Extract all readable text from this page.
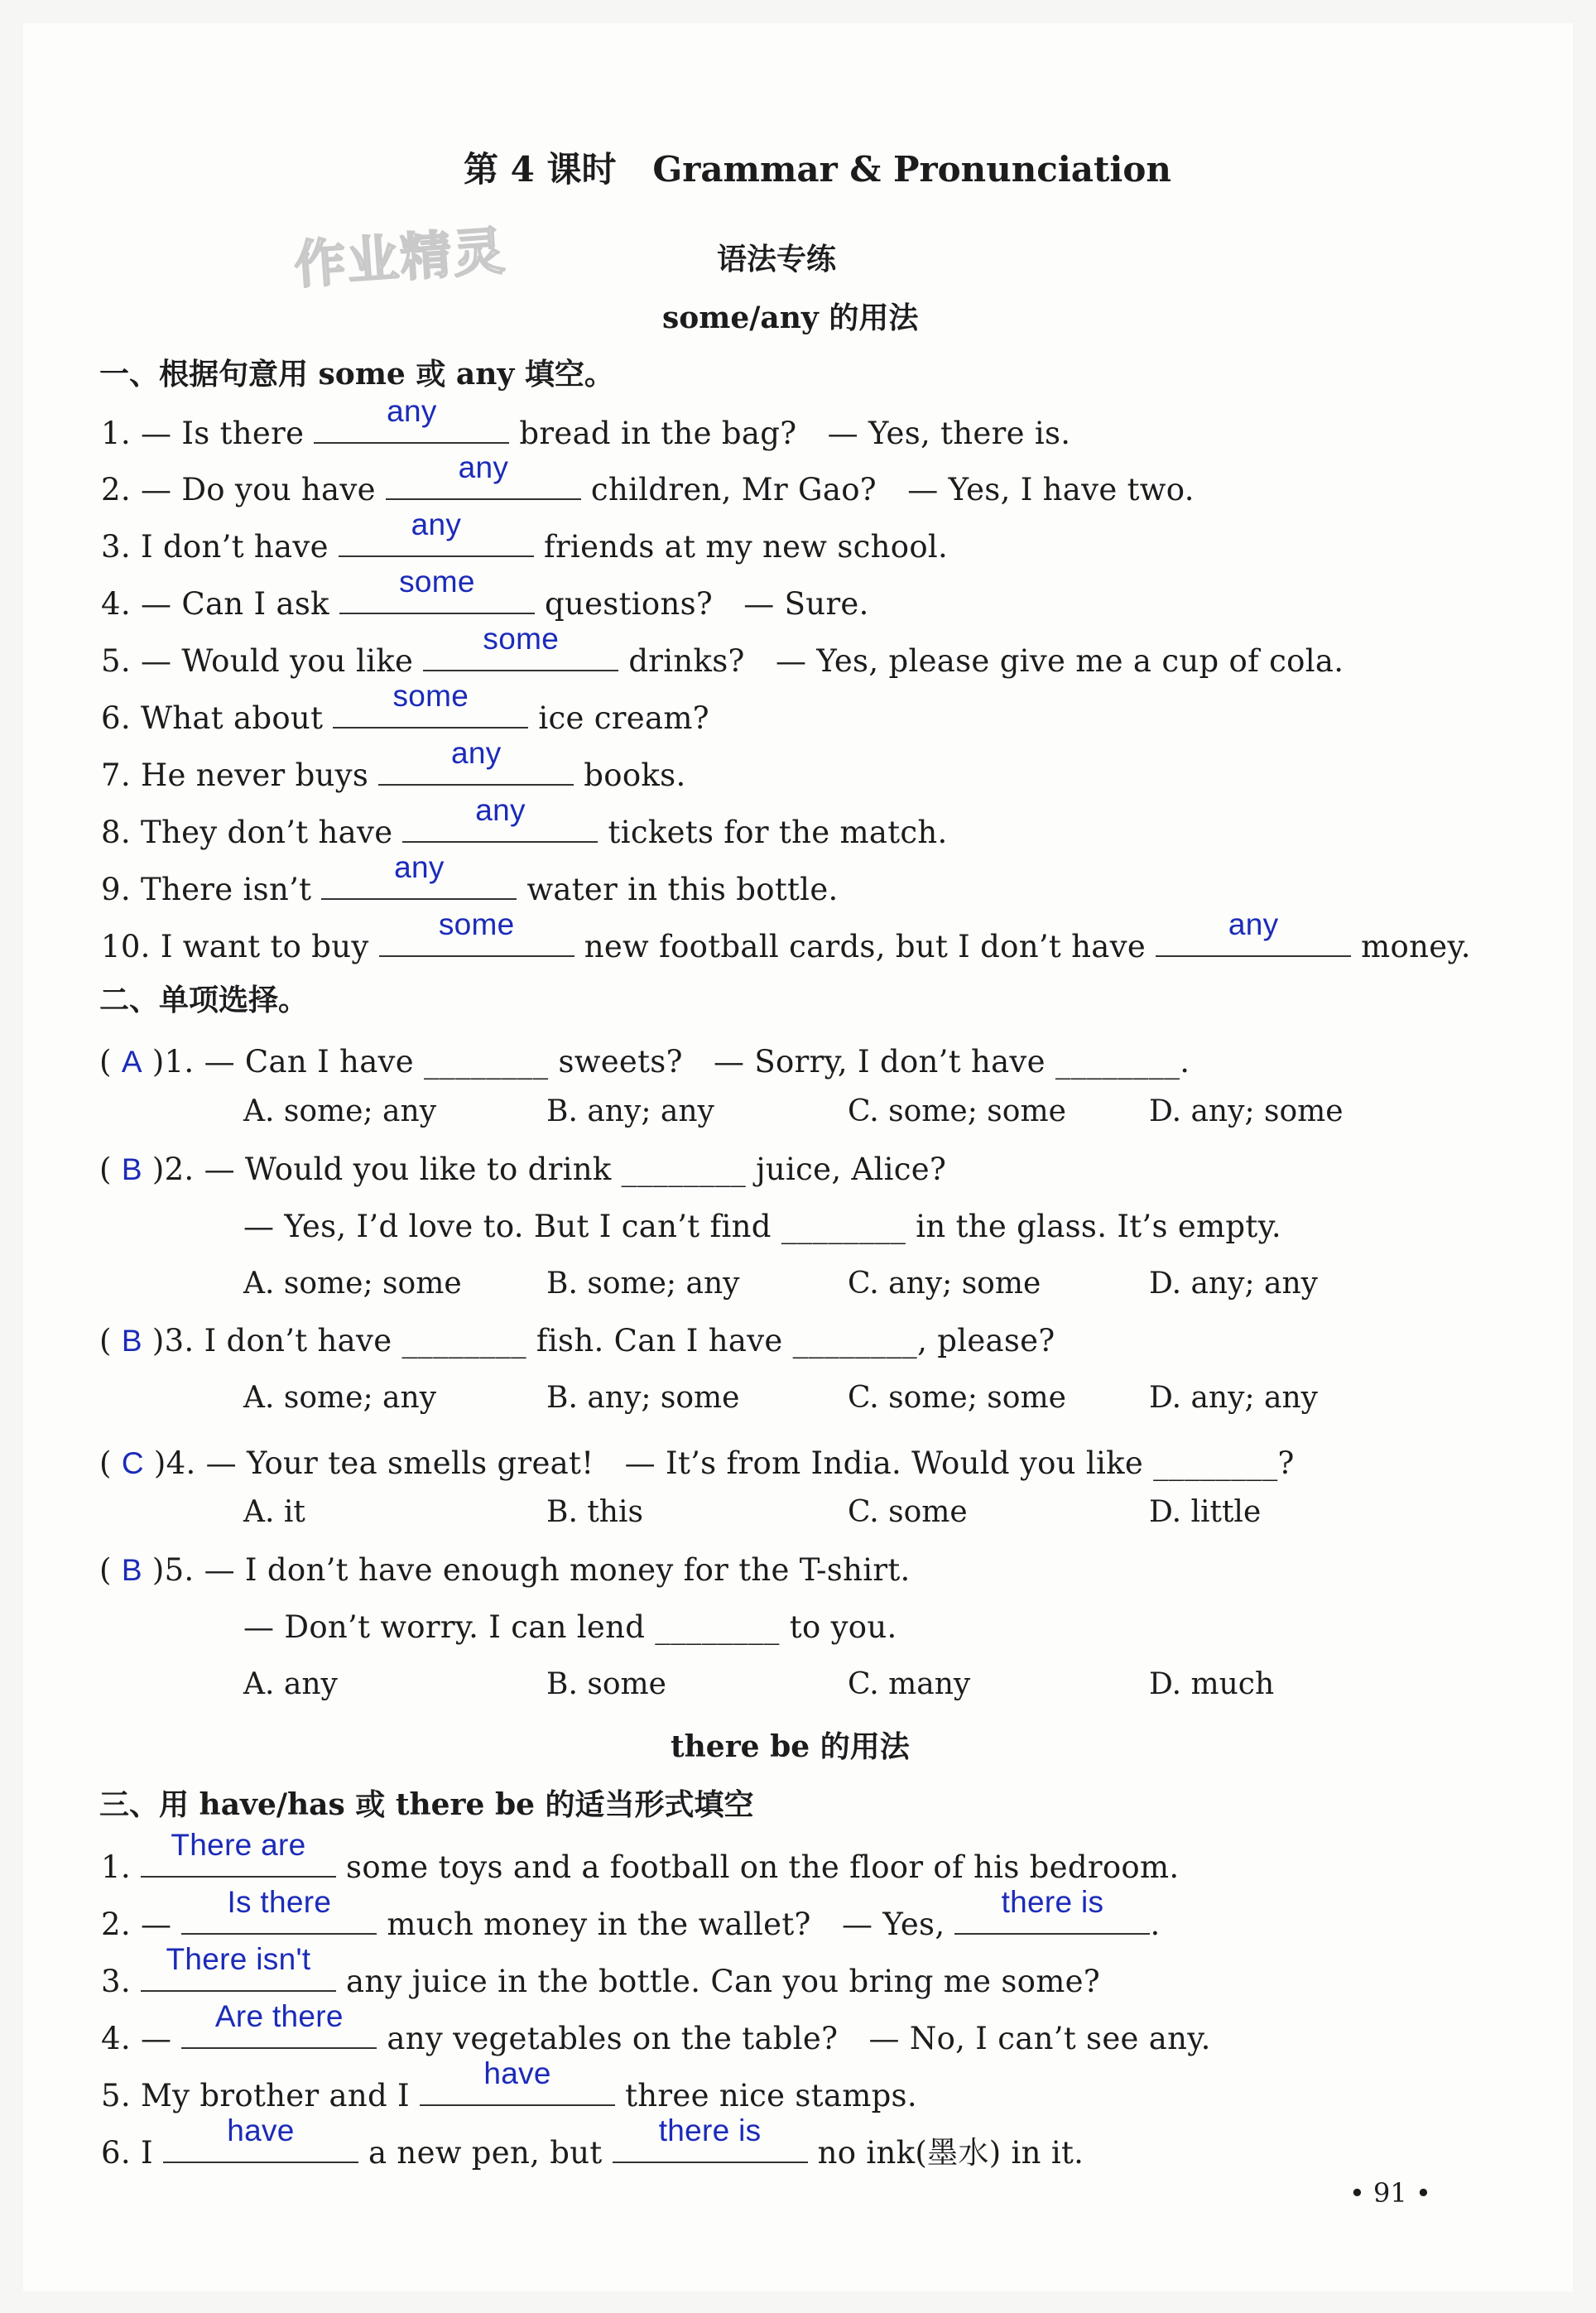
第 4 课时 Grammar & Pronunciation
作业精灵	语法专练
some/any 的用法
一、根据句意用 some 或 any 填空。
1. — Is there
any
bread in the bag?　— Yes, there is.
2. — Do you have
any
children, Mr Gao?　— Yes, I have two.
3. I don’t have
any
friends at my new school.
4. — Can I ask
some
questions?　— Sure.
5. — Would you like
some
drinks?　— Yes, please give me a cup of cola.
6. What about
some
ice cream?
7. He never buys
any
books.
8. They don’t have
any
tickets for the match.
9. There isn’t
any
water in this bottle.
10. I want to buy
some
new football cards, but I don’t have
any
money.
二、单项选择。
( A )1. — Can I have ________ sweets?　— Sorry, I don’t have ________.
A. some; any	B. any; any	C. some; some	D. any; some
( B )2. — Would you like to drink ________ juice, Alice?
— Yes, I’d love to. But I can’t find ________ in the glass. It’s empty.
A. some; some	B. some; any	C. any; some	D. any; any
( B )3. I don’t have ________ fish. Can I have ________, please?
A. some; any	B. any; some	C. some; some	D. any; any
( C )4. — Your tea smells great!　— It’s from India. Would you like ________?
A. it	B. this	C. some	D. little
( B )5. — I don’t have enough money for the T-shirt.
— Don’t worry. I can lend ________ to you.
A. any	B. some	C. many	D. much
there be 的用法
三、用 have/has 或 there be 的适当形式填空
1.
There are
some toys and a football on the floor of his bedroom.
2. —
Is there
much money in the wallet?　— Yes,
there is
.
3.
There isn't
any juice in the bottle. Can you bring me some?
4. —
Are there
any vegetables on the table?　— No, I can’t see any.
5. My brother and I
have
three nice stamps.
6. I
have
a new pen, but
there is
no ink(墨水) in it.
• 91 •
